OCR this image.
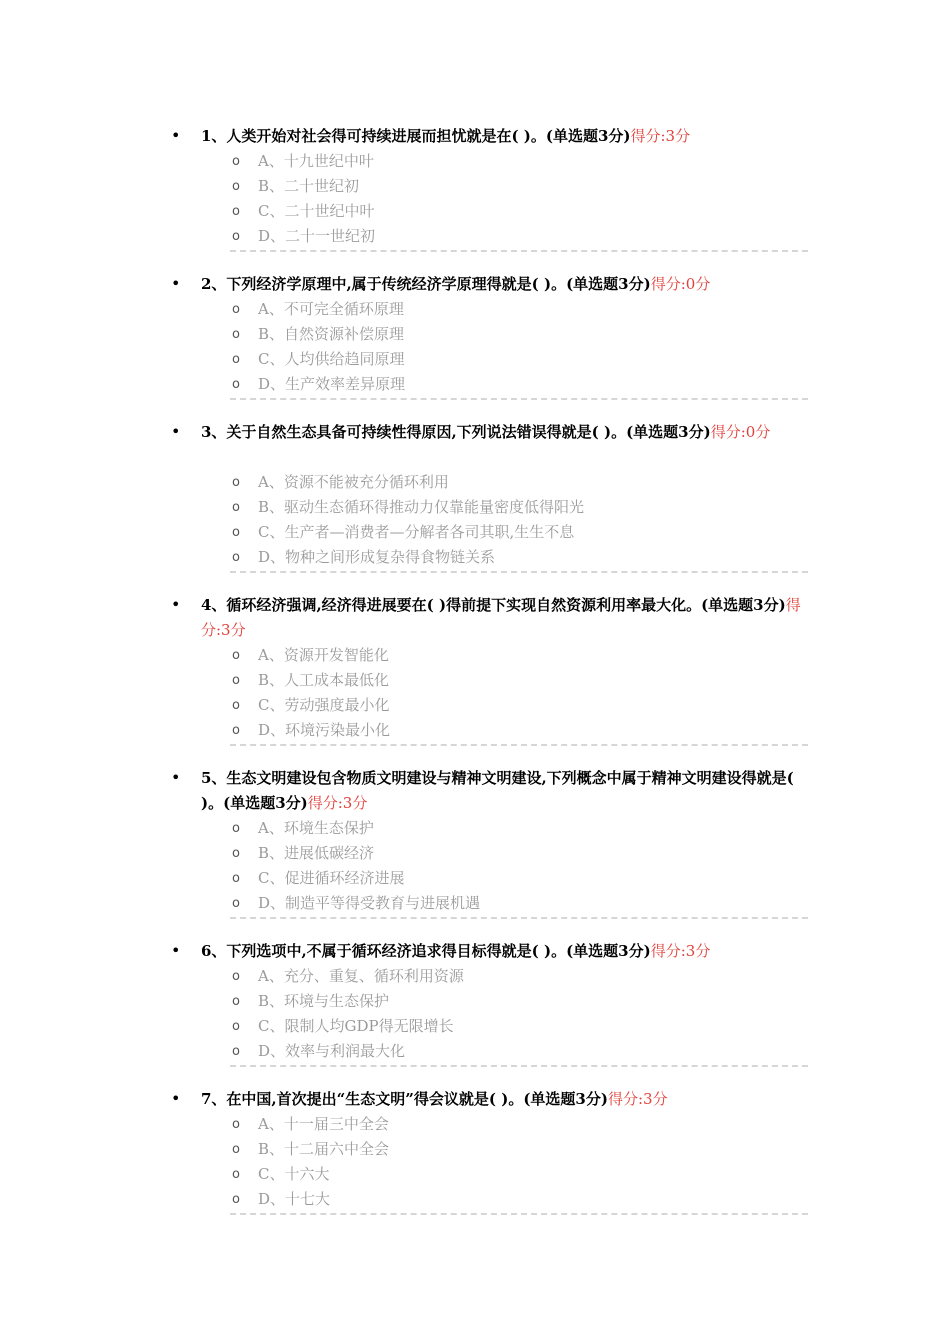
• 1、人类开始对社会得可持续进展而担忧就是在( )。(单选题3分)得分:3分
o	A、十九世纪中叶
o	B、二十世纪初
o	C、二十世纪中叶
o	D、二十一世纪初
• 2、下列经济学原理中,属于传统经济学原理得就是( )。(单选题3分)得分:0分
o	A、不可完全循环原理
o	B、自然资源补偿原理
o	C、人均供给趋同原理
o	D、生产效率差异原理
• 3、关于自然生态具备可持续性得原因,下列说法错误得就是( )。(单选题3分)得分:0分
o	A、资源不能被充分循环利用
o	B、驱动生态循环得推动力仅靠能量密度低得阳光
o	C、生产者—消费者—分解者各司其职,生生不息
o	D、物种之间形成复杂得食物链关系
• 4、循环经济强调,经济得进展要在( )得前提下实现自然资源利用率最大化。(单选题3分)得分:3分
o	A、资源开发智能化
o	B、人工成本最低化
o	C、劳动强度最小化
o	D、环境污染最小化
• 5、生态文明建设包含物质文明建设与精神文明建设,下列概念中属于精神文明建设得就是( )。(单选题3分)得分:3分
o	A、环境生态保护
o	B、进展低碳经济
o	C、促进循环经济进展
o	D、制造平等得受教育与进展机遇
• 6、下列选项中,不属于循环经济追求得目标得就是( )。(单选题3分)得分:3分
o	A、充分、重复、循环利用资源
o	B、环境与生态保护
o	C、限制人均GDP得无限增长
o	D、效率与利润最大化
• 7、在中国,首次提出“生态文明”得会议就是( )。(单选题3分)得分:3分
o	A、十一届三中全会
o	B、十二届六中全会
o	C、十六大
o	D、十七大
